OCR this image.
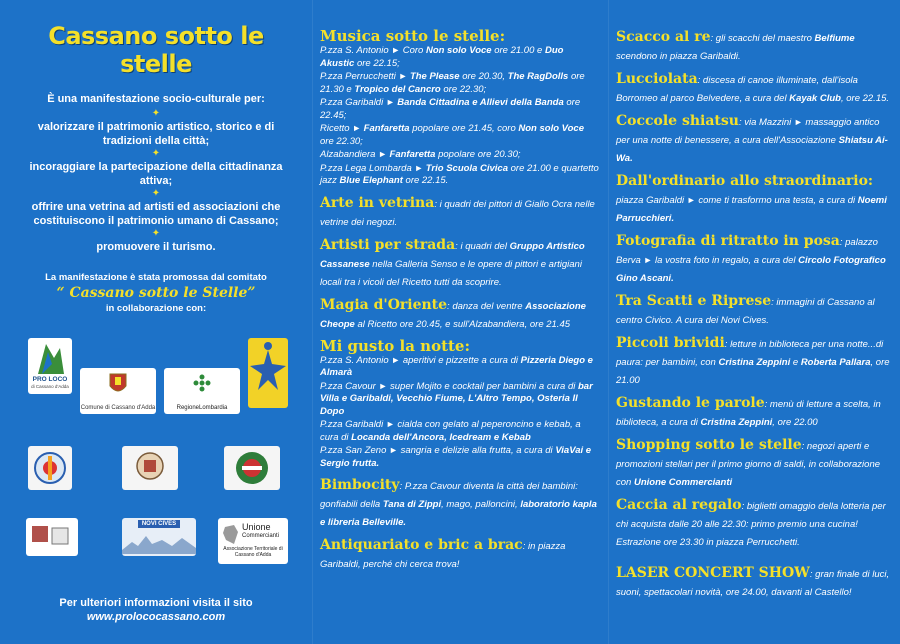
Cassano sotto le stelle

È una manifestazione socio-culturale per:

✦

valorizzare il patrimonio artistico, storico e di tradizioni della città;

✦

incoraggiare la partecipazione della cittadinanza attiva;

✦

offrire una vetrina ad artisti ed associazioni che costituiscono il patrimonio umano di Cassano;

✦

promuovere il turismo.

La manifestazione è stata promossa dal comitato

“ Cassano sotto le Stelle”

in collaborazione con:

PRO LOCO
di Cassano d'Adda
Comune di Cassano d'Adda	RegioneLombardia
NOVI CIVES	Unione
Commercianti
Associazione Territoriale di Cassano d'Adda
Per ulteriori informazioni visita il sito
www.prolococassano.com
Musica sotto le stelle:

P.zza S. Antonio ► Coro Non solo Voce ore 21.00 e Duo Akustic ore 22.15;

P.zza Perrucchetti ► The Please ore 20.30, The RagDolls ore 21.30 e Tropico del Cancro ore 22.30;

P.zza Garibaldi ► Banda Cittadina e Allievi della Banda ore 22.45;

Ricetto ► Fanfaretta popolare ore 21.45, coro Non solo Voce ore 22.30;

Alzabandiera ► Fanfaretta popolare ore 20.30;

P.zza Lega Lombarda ► Trio Scuola Civica ore 21.00 e quartetto jazz Blue Elephant ore 22.15.

Arte in vetrina: i quadri dei pittori di Giallo Ocra nelle vetrine dei negozi.
Artisti per strada: i quadri del Gruppo Artistico Cassanese nella Galleria Senso e le opere di pittori e artigiani locali tra i vicoli del Ricetto tutti da scoprire.
Magia d'Oriente: danza del ventre Associazione Cheope al Ricetto ore 20.45, e sull'Alzabandiera, ore 21.45
Mi gusto la notte:

P.zza S. Antonio ► aperitivi e pizzette a cura di Pizzeria Diego e Almarà

P.zza Cavour ► super Mojito e cocktail per bambini a cura di bar Villa e Garibaldi, Vecchio Fiume, L'Altro Tempo, Osteria Il Dopo

P.zza Garibaldi ► cialda con gelato al peperoncino e kebab, a cura di Locanda dell'Ancora, Icedream e Kebab

P.zza San Zeno ► sangria e delizie alla frutta, a cura di ViaVai e Sergio frutta.

Bimbocity: P.zza Cavour diventa la città dei bambini: gonfiabili della Tana di Zippi, mago, palloncini, laboratorio kapla e libreria Belleville.
Antiquariato e bric a brac: in piazza Garibaldi, perché chi cerca trova!
Scacco al re: gli scacchi del maestro Belfiume scendono in piazza Garibaldi.
Lucciolata: discesa di canoe illuminate, dall'isola Borromeo al parco Belvedere, a cura del Kayak Club, ore 22.15.
Coccole shiatsu: via Mazzini ► massaggio antico per una notte di benessere, a cura dell'Associazione Shiatsu Ai-Wa.
Dall'ordinario allo straordinario: piazza Garibaldi ► come ti trasformo una testa, a cura di Noemi Parrucchieri.
Fotografia di ritratto in posa: palazzo Berva ► la vostra foto in regalo, a cura del Circolo Fotografico Gino Ascani.
Tra Scatti e Riprese: immagini di Cassano al centro Civico. A cura dei Novi Cives.
Piccoli brividi: letture in biblioteca per una notte...di paura: per bambini, con Cristina Zeppini e Roberta Pallara, ore 21.00
Gustando le parole: menù di letture a scelta, in biblioteca, a cura di Cristina Zeppini, ore 22.00
Shopping sotto le stelle: negozi aperti e promozioni stellari per il primo giorno di saldi, in collaborazione con Unione Commercianti
Caccia al regalo: biglietti omaggio della lotteria per chi acquista dalle 20 alle 22.30: primo premio una cucina! Estrazione ore 23.30 in piazza Perrucchetti.
LASER CONCERT SHOW: gran finale di luci, suoni, spettacolari novità, ore 24.00, davanti al Castello!
